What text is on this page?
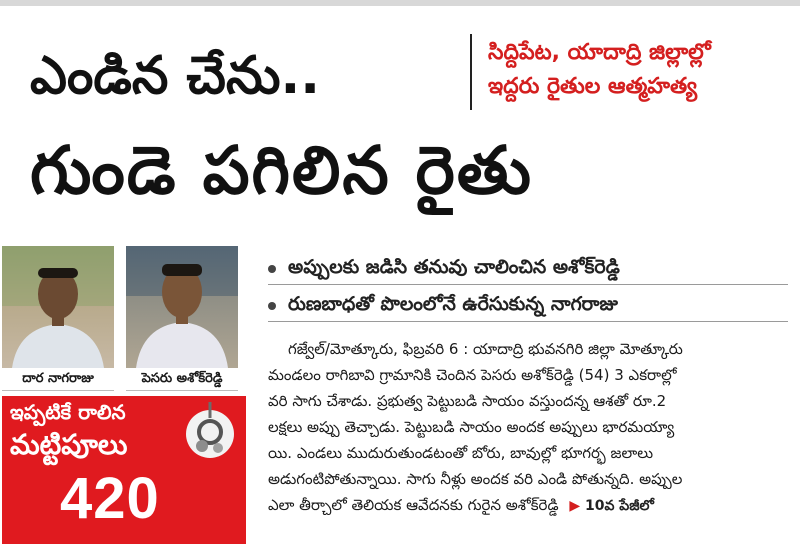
ఎండిన చేను..	సిద్దిపేట, యాదాద్రి జిల్లాల్లో
ఇద్దరు రైతుల ఆత్మహత్య
గుండె పగిలిన రైతు
దార నాగరాజు	పెసరు అశోక్‌రెడ్డి
ఇప్పటికే రాలిన
మట్టిపూలు
420
అప్పులకు జడిసి తనువు చాలించిన అశోక్‌రెడ్డి
రుణబాధతో పొలంలోనే ఉరేసుకున్న నాగరాజు
గజ్వేల్/మోత్కూరు, ఫిబ్రవరి 6 : యాదాద్రి భువనగిరి జిల్లా మోత్కూరు
మండలం రాగిబావి గ్రామానికి చెందిన పెసరు అశోక్‌రెడ్డి (54) 3 ఎకరాల్లో
వరి సాగు చేశాడు. ప్రభుత్వ పెట్టుబడి సాయం వస్తుందన్న ఆశతో రూ.2
లక్షలు అప్పు తెచ్చాడు. పెట్టుబడి సాయం అందక అప్పులు భారమయ్యా
యి. ఎండలు ముదురుతుండటంతో బోరు, బావుల్లో భూగర్భ జలాలు
అడుగంటిపోతున్నాయి. సాగు నీళ్లు అందక వరి ఎండి పోతున్నది. అప్పుల
ఎలా తీర్చాలో తెలియక ఆవేదనకు గురైన అశోక్‌రెడ్డి ▶ 10వ పేజీలో
